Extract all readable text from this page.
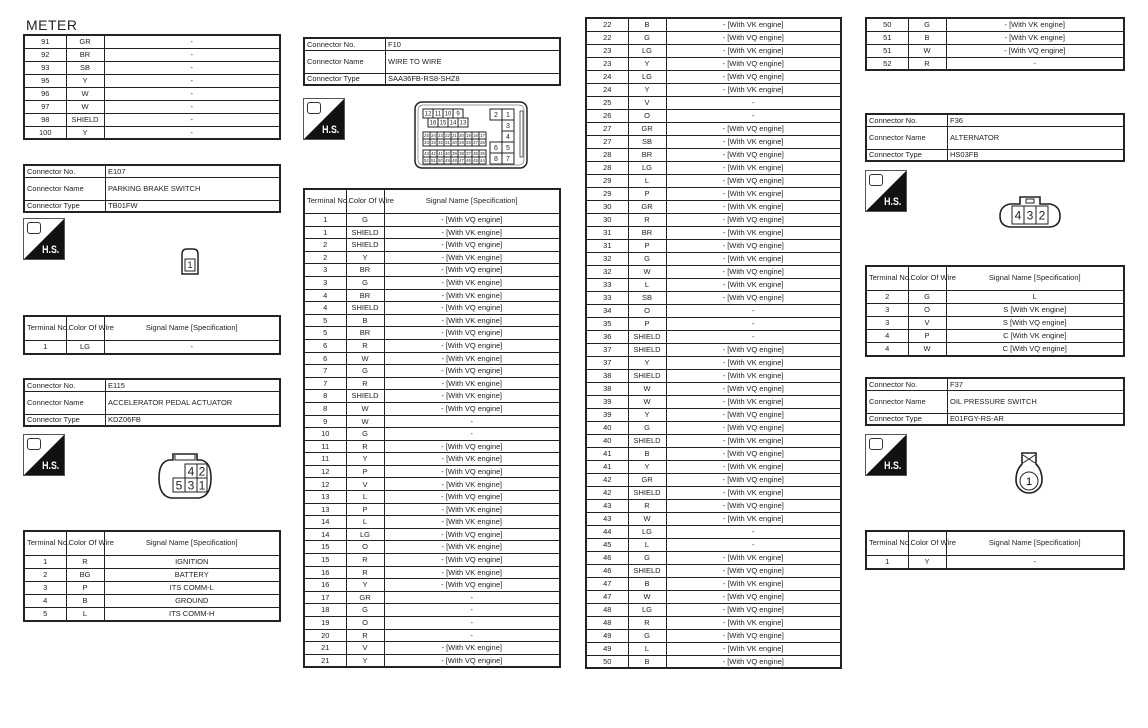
METER
91	GR	-
92	BR	-
93	SB	-
95	Y	-
96	W	-
97	W	-
98	SHIELD	-
100	Y	-
Connector No.	E107
Connector Name	PARKING BRAKE SWITCH
Connector Type	TB01FW
H.S.
1
Terminal No.	Color Of Wire	Signal Name [Specification]
1	LG	-
Connector No.	E115
Connector Name	ACCELERATOR PEDAL ACTUATOR
Connector Type	KDZ06FB
H.S.	4 2
5 3 1
Terminal No.	Color Of Wire	Signal Name [Specification]
1	R	IGNITION
2	BG	BATTERY
3	P	ITS COMM-L
4	B	GROUND
5	L	ITS COMM-H
Connector No.	F10
Connector Name	WIRE TO WIRE
Connector Type	SAA36FB-RS8-SHZ8
H.S.
12 11 10 9
16 15 14 13
25 24 23 22 21 20 19 18 17
34 33 32 31 30 29 28 27 26
43 42 41 40 39 38 37 36 35
52 51 50 49 48 47 46 45 44
2 1
3
4
6 5
8 7
Terminal No.	Color Of Wire	Signal Name [Specification]
1	G	- [With VQ engine]
1	SHIELD	- [With VK engine]
2	SHIELD	- [With VQ engine]
2	Y	- [With VK engine]
3	BR	- [With VQ engine]
3	G	- [With VK engine]
4	BR	- [With VK engine]
4	SHIELD	- [With VQ engine]
5	B	- [With VK engine]
5	BR	- [With VQ engine]
6	R	- [With VQ engine]
6	W	- [With VK engine]
7	G	- [With VQ engine]
7	R	- [With VK engine]
8	SHIELD	- [With VK engine]
8	W	- [With VQ engine]
9	W	-
10	G	-
11	R	- [With VQ engine]
11	Y	- [With VK engine]
12	P	- [With VQ engine]
12	V	- [With VK engine]
13	L	- [With VQ engine]
13	P	- [With VK engine]
14	L	- [With VK engine]
14	LG	- [With VQ engine]
15	O	- [With VK engine]
15	R	- [With VQ engine]
16	R	- [With VK engine]
16	Y	- [With VQ engine]
17	GR	-
18	G	-
19	O	-
20	R	-
21	V	- [With VK engine]
21	Y	- [With VQ engine]
22	B	- [With VK engine]
22	G	- [With VQ engine]
23	LG	- [With VK engine]
23	Y	- [With VQ engine]
24	LG	- [With VQ engine]
24	Y	- [With VK engine]
25	V	-
26	O	-
27	GR	- [With VQ engine]
27	SB	- [With VK engine]
28	BR	- [With VQ engine]
28	LG	- [With VK engine]
29	L	- [With VQ engine]
29	P	- [With VK engine]
30	GR	- [With VK engine]
30	R	- [With VQ engine]
31	BR	- [With VK engine]
31	P	- [With VQ engine]
32	G	- [With VK engine]
32	W	- [With VQ engine]
33	L	- [With VK engine]
33	SB	- [With VQ engine]
34	O	-
35	P	-
36	SHIELD	-
37	SHIELD	- [With VQ engine]
37	Y	- [With VK engine]
38	SHIELD	- [With VK engine]
38	W	- [With VQ engine]
39	W	- [With VK engine]
39	Y	- [With VQ engine]
40	G	- [With VQ engine]
40	SHIELD	- [With VK engine]
41	B	- [With VQ engine]
41	Y	- [With VK engine]
42	GR	- [With VQ engine]
42	SHIELD	- [With VK engine]
43	R	- [With VQ engine]
43	W	- [With VK engine]
44	LG	-
45	L	-
46	G	- [With VK engine]
46	SHIELD	- [With VQ engine]
47	B	- [With VK engine]
47	W	- [With VQ engine]
48	LG	- [With VQ engine]
48	R	- [With VK engine]
49	G	- [With VQ engine]
49	L	- [With VK engine]
50	B	- [With VQ engine]
50	G	- [With VK engine]
51	B	- [With VK engine]
51	W	- [With VQ engine]
52	R	-
Connector No.	F36
Connector Name	ALTERNATOR
Connector Type	HS03FB
H.S.
4 3 2
Terminal No.	Color Of Wire	Signal Name [Specification]
2	G	L
3	O	S [With VK engine]
3	V	S [With VQ engine]
4	P	C [With VK engine]
4	W	C [With VQ engine]
Connector No.	F37
Connector Name	OIL PRESSURE SWITCH
Connector Type	E01FGY-RS-AR
H.S.
1
Terminal No.	Color Of Wire	Signal Name [Specification]
1	Y	-
